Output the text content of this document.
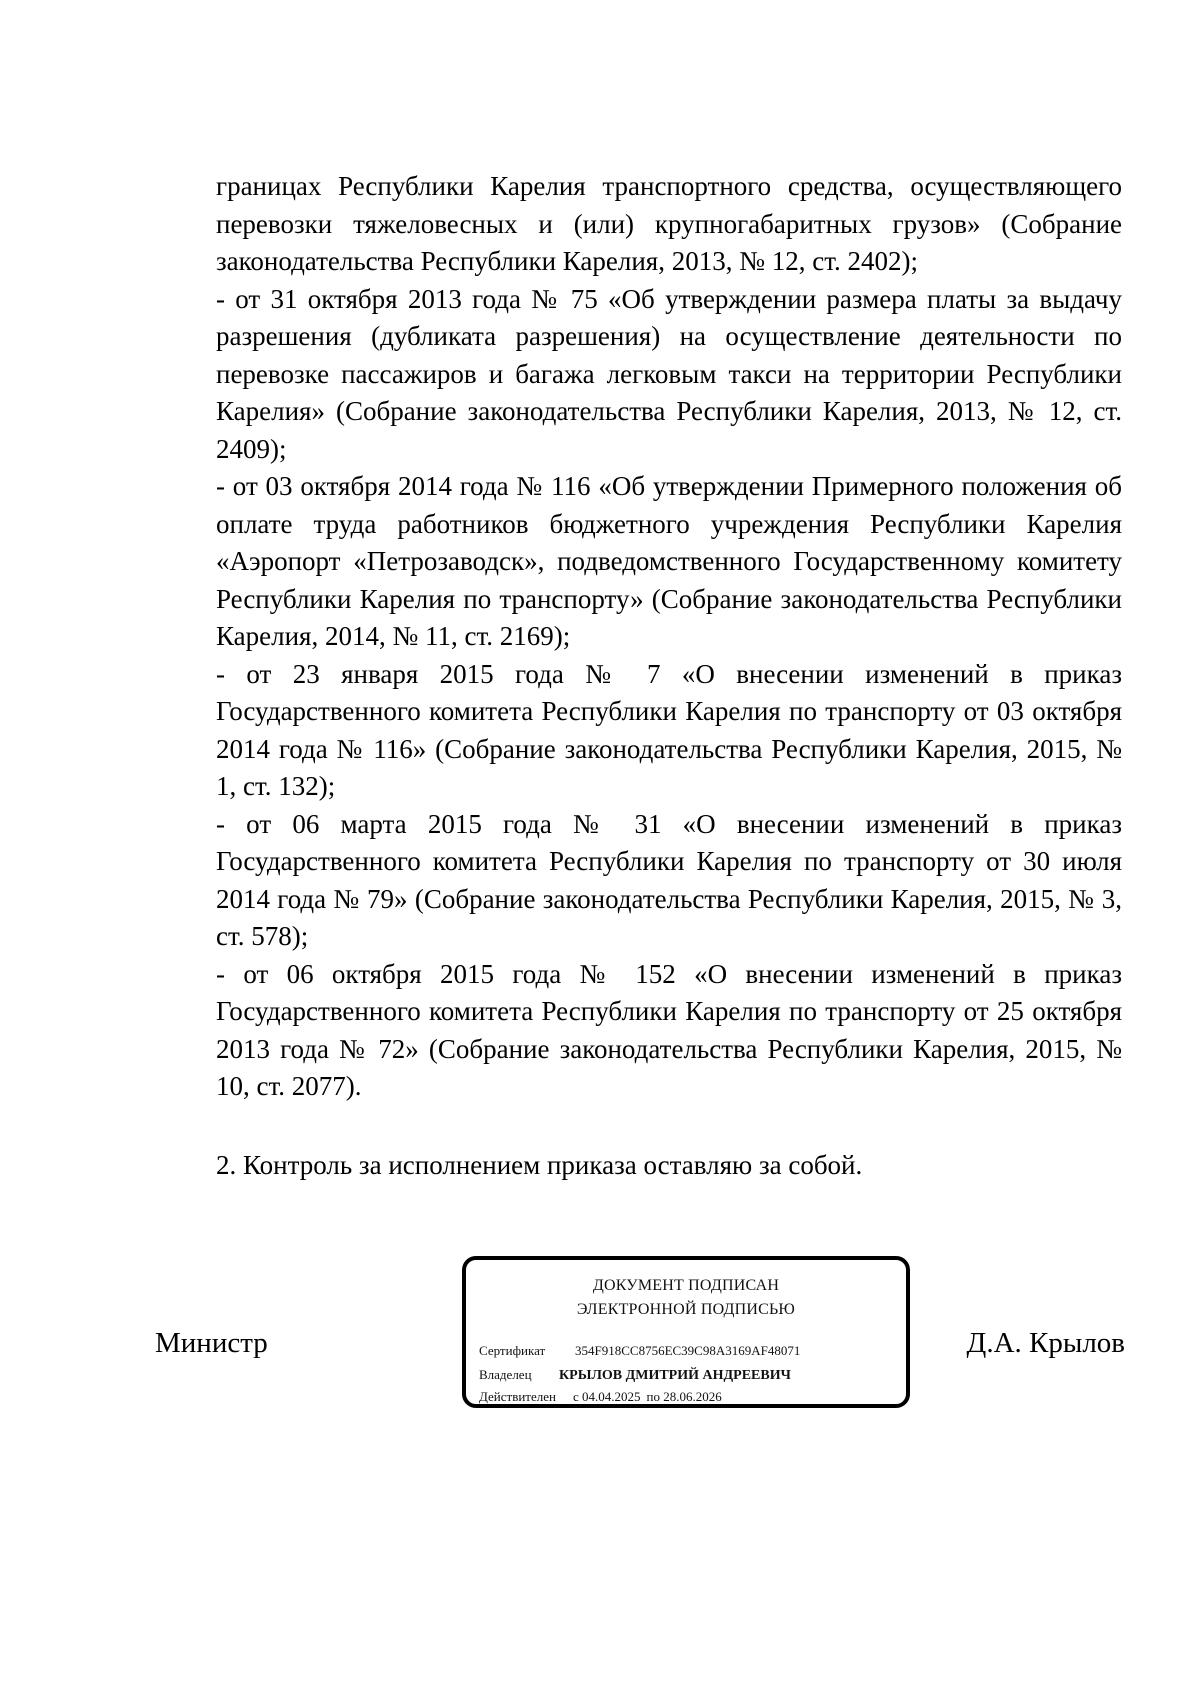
границах Республики Карелия транспортного средства, осуществляющего перевозки тяжеловесных и (или) крупногабаритных грузов» (Собрание законодательства Республики Карелия, 2013, № 12, ст. 2402);

- от 31 октября 2013 года № 75 «Об утверждении размера платы за выдачу разрешения (дубликата разрешения) на осуществление деятельности по перевозке пассажиров и багажа легковым такси на территории Республики Карелия» (Собрание законодательства Республики Карелия, 2013, № 12, ст. 2409);

- от 03 октября 2014 года № 116 «Об утверждении Примерного положения об оплате труда работников бюджетного учреждения Республики Карелия «Аэропорт «Петрозаводск», подведомственного Государственному комитету Республики Карелия по транспорту» (Собрание законодательства Республики Карелия, 2014, № 11, ст. 2169);

- от 23 января 2015 года № 7 «О внесении изменений в приказ Государственного комитета Республики Карелия по транспорту от 03 октября 2014 года № 116» (Собрание законодательства Республики Карелия, 2015, № 1, ст. 132);

- от 06 марта 2015 года № 31 «О внесении изменений в приказ Государственного комитета Республики Карелия по транспорту от 30 июля 2014 года № 79» (Собрание законодательства Республики Карелия, 2015, № 3, ст. 578);

- от 06 октября 2015 года № 152 «О внесении изменений в приказ Государственного комитета Республики Карелия по транспорту от 25 октября 2013 года № 72» (Собрание законодательства Республики Карелия, 2015, № 10, ст. 2077).

2. Контроль за исполнением приказа оставляю за собой.

Министр

ДОКУМЕНТ ПОДПИСАН
ЭЛЕКТРОННОЙ ПОДПИСЬЮ
Сертификат 354F918CC8756EC39C98A3169AF48071
Владелец КРЫЛОВ ДМИТРИЙ АНДРЕЕВИЧ
Действителен с 04.04.2025 по 28.06.2026

Д.А. Крылов
